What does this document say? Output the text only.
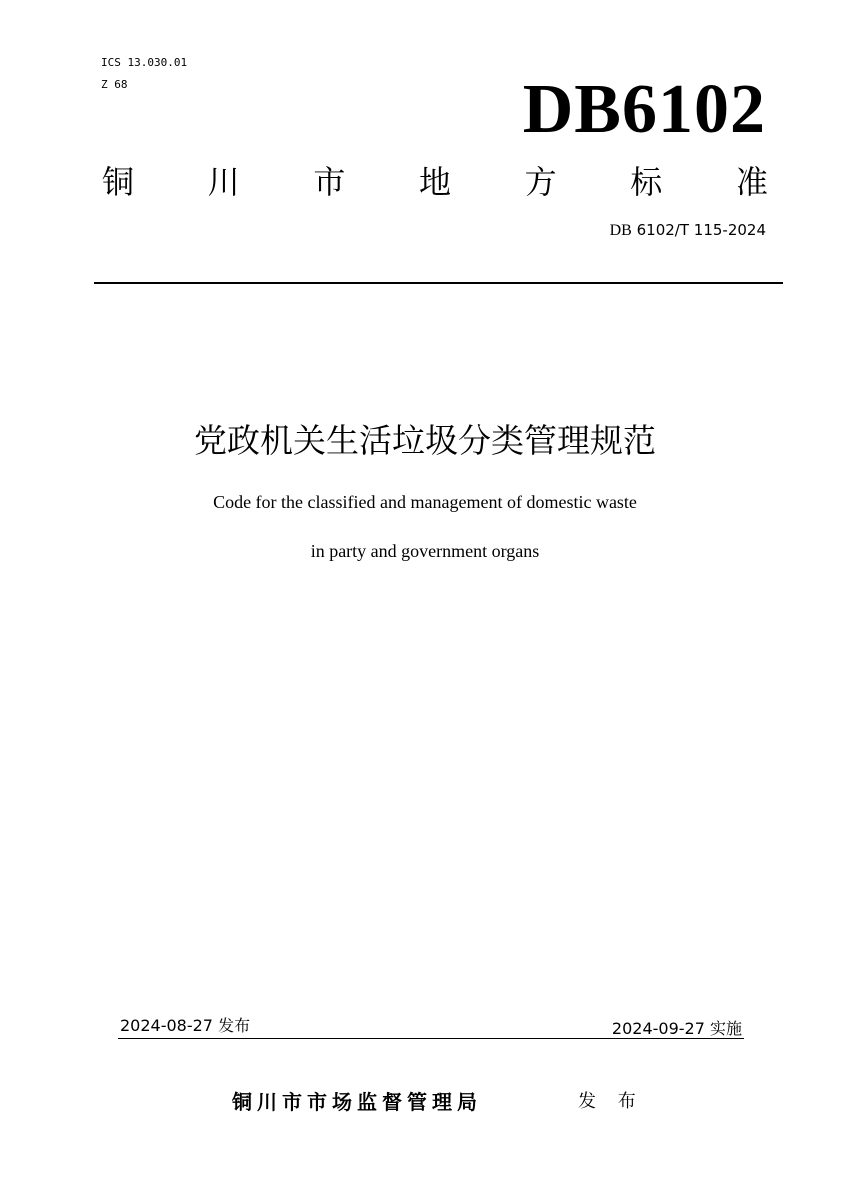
ICS 13.030.01
Z 68	DB6102
铜 川 市 地 方 标 准
DB 6102/T 115-2024
党政机关生活垃圾分类管理规范
Code for the classified and management of domestic waste
in party and government organs
2024-08-27 发布	2024-09-27 实施
铜川市市场监督管理局	发 布
